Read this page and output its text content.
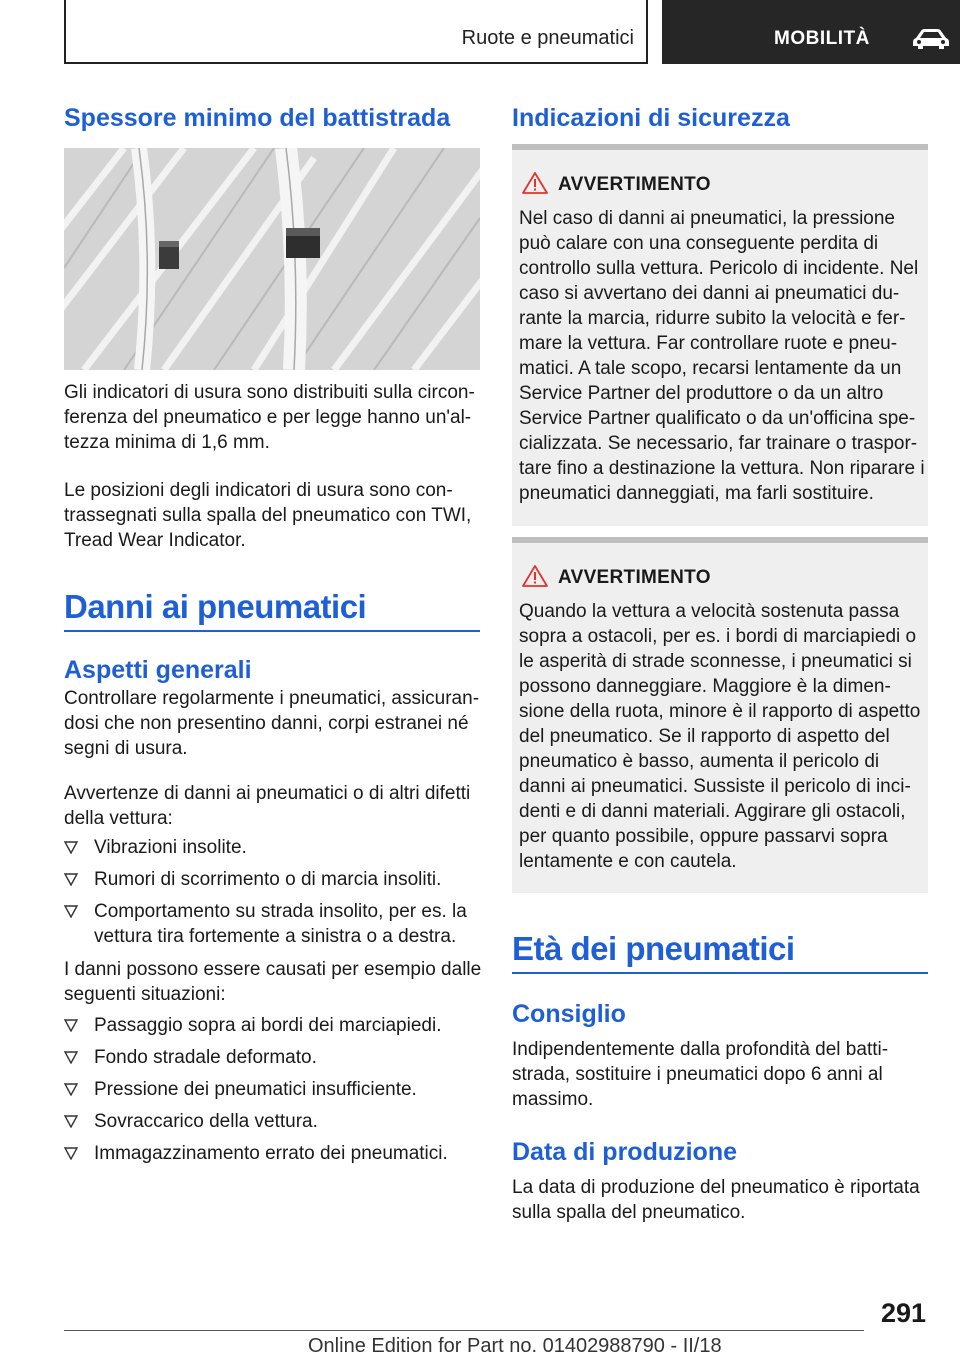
Ruote e pneumatici	MOBILITÀ
Spessore minimo del battistrada
Gli indicatori di usura sono distribuiti sulla circon-
ferenza del pneumatico e per legge hanno un'al-
tezza minima di 1,6 mm.
Le posizioni degli indicatori di usura sono con-
trassegnati sulla spalla del pneumatico con TWI,
Tread Wear Indicator.
Danni ai pneumatici
Aspetti generali
Controllare regolarmente i pneumatici, assicuran-
dosi che non presentino danni, corpi estranei né
segni di usura.
Avvertenze di danni ai pneumatici o di altri difetti
della vettura:
Vibrazioni insolite.
Rumori di scorrimento o di marcia insoliti.
Comportamento su strada insolito, per es. la
vettura tira fortemente a sinistra o a destra.
I danni possono essere causati per esempio dalle
seguenti situazioni:
Passaggio sopra ai bordi dei marciapiedi.
Fondo stradale deformato.
Pressione dei pneumatici insufficiente.
Sovraccarico della vettura.
Immagazzinamento errato dei pneumatici.
Indicazioni di sicurezza
AVVERTIMENTO
Nel caso di danni ai pneumatici, la pressione
può calare con una conseguente perdita di
controllo sulla vettura. Pericolo di incidente. Nel
caso si avvertano dei danni ai pneumatici du-
rante la marcia, ridurre subito la velocità e fer-
mare la vettura. Far controllare ruote e pneu-
matici. A tale scopo, recarsi lentamente da un
Service Partner del produttore o da un altro
Service Partner qualificato o da un'officina spe-
cializzata. Se necessario, far trainare o traspor-
tare fino a destinazione la vettura. Non riparare i
pneumatici danneggiati, ma farli sostituire.
AVVERTIMENTO
Quando la vettura a velocità sostenuta passa
sopra a ostacoli, per es. i bordi di marciapiedi o
le asperità di strade sconnesse, i pneumatici si
possono danneggiare. Maggiore è la dimen-
sione della ruota, minore è il rapporto di aspetto
del pneumatico. Se il rapporto di aspetto del
pneumatico è basso, aumenta il pericolo di
danni ai pneumatici. Sussiste il pericolo di inci-
denti e di danni materiali. Aggirare gli ostacoli,
per quanto possibile, oppure passarvi sopra
lentamente e con cautela.
Età dei pneumatici
Consiglio
Indipendentemente dalla profondità del batti-
strada, sostituire i pneumatici dopo 6 anni al
massimo.
Data di produzione
La data di produzione del pneumatico è riportata
sulla spalla del pneumatico.
291
Online Edition for Part no. 01402988790 - II/18
